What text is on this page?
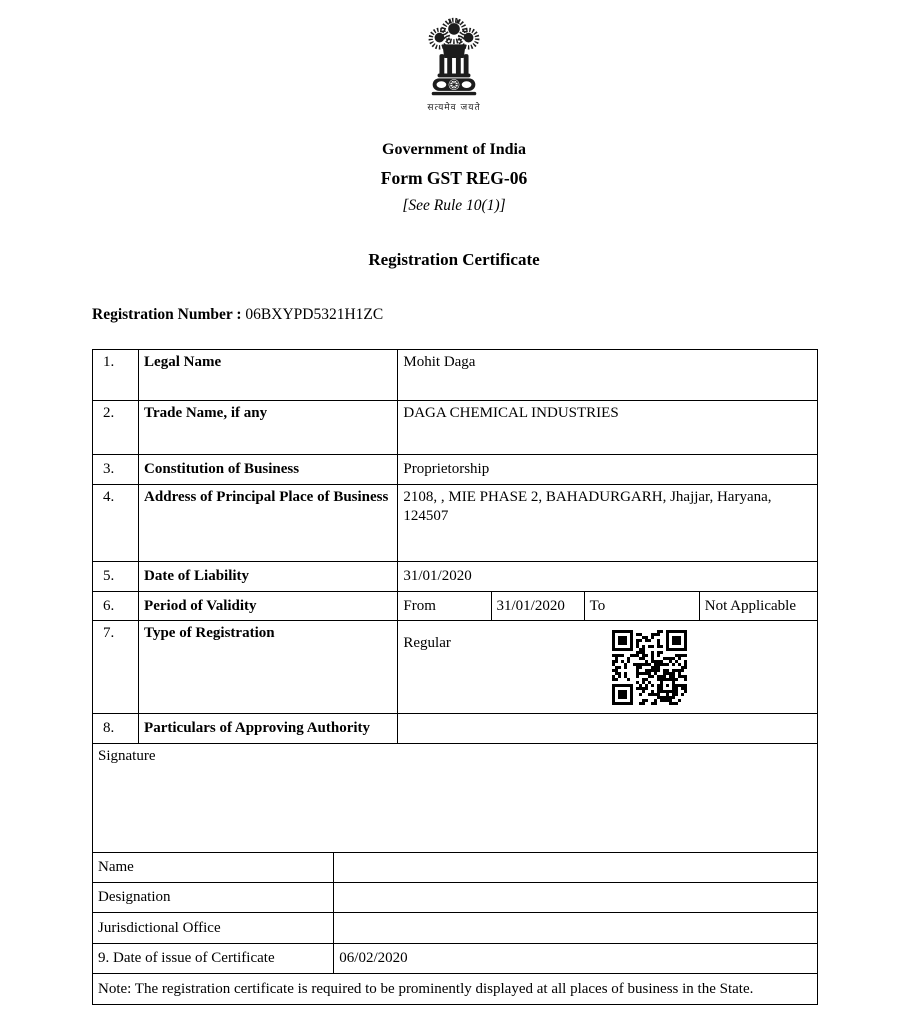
सत्यमेव जयते
Government of India
Form GST REG-06
[See Rule 10(1)]
Registration Certificate
Registration Number : 06BXYPD5321H1ZC
1.	Legal Name		Mohit Daga			
2.	Trade Name, if any		DAGA CHEMICAL INDUSTRIES			
3.	Constitution of Business		Proprietorship			
4.	Address of Principal Place of Business		2108, , MIE PHASE 2, BAHADURGARH, Jhajjar, Haryana, 124507			
5.	Date of Liability		31/01/2020			
6.	Period of Validity		From	31/01/2020	To	Not Applicable
7.	Type of Registration		Regular			

8.	Particulars of Approving Authority					
Signature						
Name						
Designation						
Jurisdictional Office						
9. Date of issue of Certificate		06/02/2020				
Note: The registration certificate is required to be prominently displayed at all places of business in the State.						
